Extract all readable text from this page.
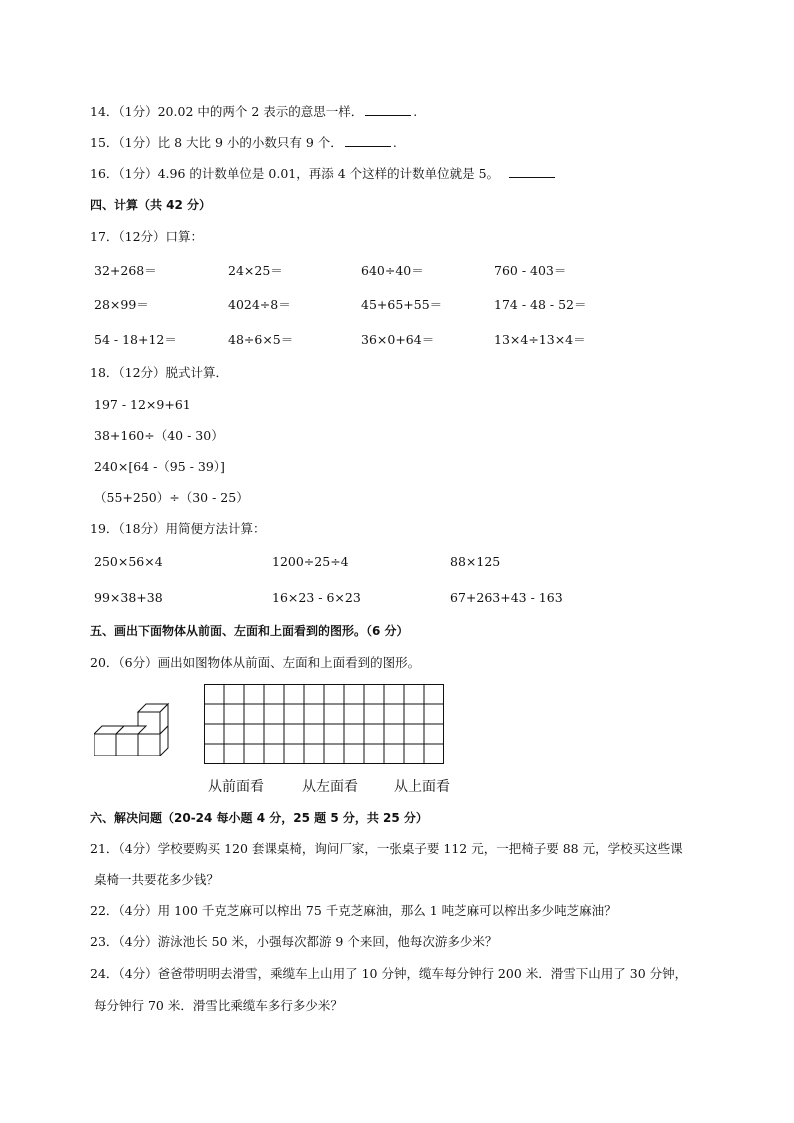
14．（1分）20.02 中的两个 2 表示的意思一样．	.
15．（1分）比 8 大比 9 小的小数只有 9 个．	.
16．（1分）4.96 的计数单位是 0.01，再添 4 个这样的计数单位就是 5。
四、计算（共 42 分）
17．（12分）口算：
32+268＝	24×25＝	640÷40＝	760 - 403＝
28×99＝	4024÷8＝	45+65+55＝	174 - 48 - 52＝
54 - 18+12＝	48÷6×5＝	36×0+64＝	13×4÷13×4＝
18．（12分）脱式计算．
197 - 12×9+61
38+160÷（40 - 30）
240×[64 -（95 - 39）]
（55+250）÷（30 - 25）
19．（18分）用简便方法计算：
250×56×4	1200÷25÷4	88×125
99×38+38	16×23 - 6×23	67+263+43 - 163
五、画出下面物体从前面、左面和上面看到的图形。（6 分）
20．（6分）画出如图物体从前面、左面和上面看到的图形。
从前面看	从左面看	从上面看
六、解决问题（20-24 每小题 4 分，25 题 5 分，共 25 分）
21．（4分）学校要购买 120 套课桌椅，询问厂家，一张桌子要 112 元，一把椅子要 88 元，学校买这些课
桌椅一共要花多少钱？
22．（4分）用 100 千克芝麻可以榨出 75 千克芝麻油，那么 1 吨芝麻可以榨出多少吨芝麻油？
23．（4分）游泳池长 50 米，小强每次都游 9 个来回，他每次游多少米？
24．（4分）爸爸带明明去滑雪，乘缆车上山用了 10 分钟，缆车每分钟行 200 米．滑雪下山用了 30 分钟，
每分钟行 70 米．滑雪比乘缆车多行多少米？
